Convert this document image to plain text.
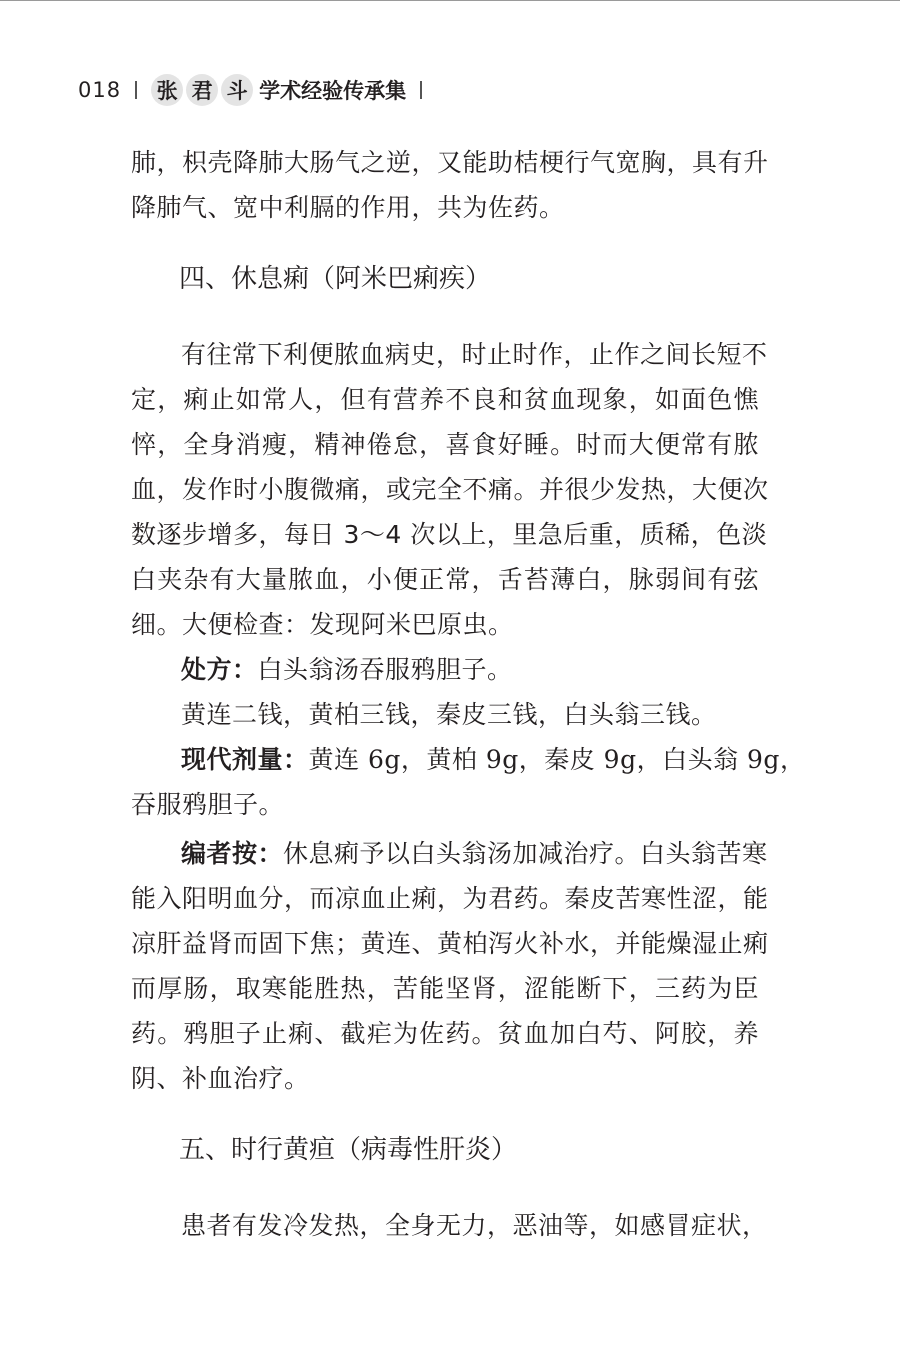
018 张 君 斗 学术经验传承集
肺，枳壳降肺大肠气之逆，又能助桔梗行气宽胸，具有升
降肺气、宽中利膈的作用，共为佐药。
四、休息痢（阿米巴痢疾）
有往常下利便脓血病史，时止时作，止作之间长短不
定，痢止如常人，但有营养不良和贫血现象，如面色憔
悴，全身消瘦，精神倦怠，喜食好睡。时而大便常有脓
血，发作时小腹微痛，或完全不痛。并很少发热，大便次
数逐步增多，每日 3～4 次以上，里急后重，质稀，色淡
白夹杂有大量脓血，小便正常，舌苔薄白，脉弱间有弦
细。大便检查：发现阿米巴原虫。
处方：白头翁汤吞服鸦胆子。
黄连二钱，黄柏三钱，秦皮三钱，白头翁三钱。
现代剂量：黄连 6g，黄柏 9g，秦皮 9g，白头翁 9g，
吞服鸦胆子。
编者按：休息痢予以白头翁汤加减治疗。白头翁苦寒
能入阳明血分，而凉血止痢，为君药。秦皮苦寒性涩，能
凉肝益肾而固下焦；黄连、黄柏泻火补水，并能燥湿止痢
而厚肠，取寒能胜热，苦能坚肾，涩能断下，三药为臣
药。鸦胆子止痢、截疟为佐药。贫血加白芍、阿胶，养
阴、补血治疗。
五、时行黄疸（病毒性肝炎）
患者有发冷发热，全身无力，恶油等，如感冒症状，
